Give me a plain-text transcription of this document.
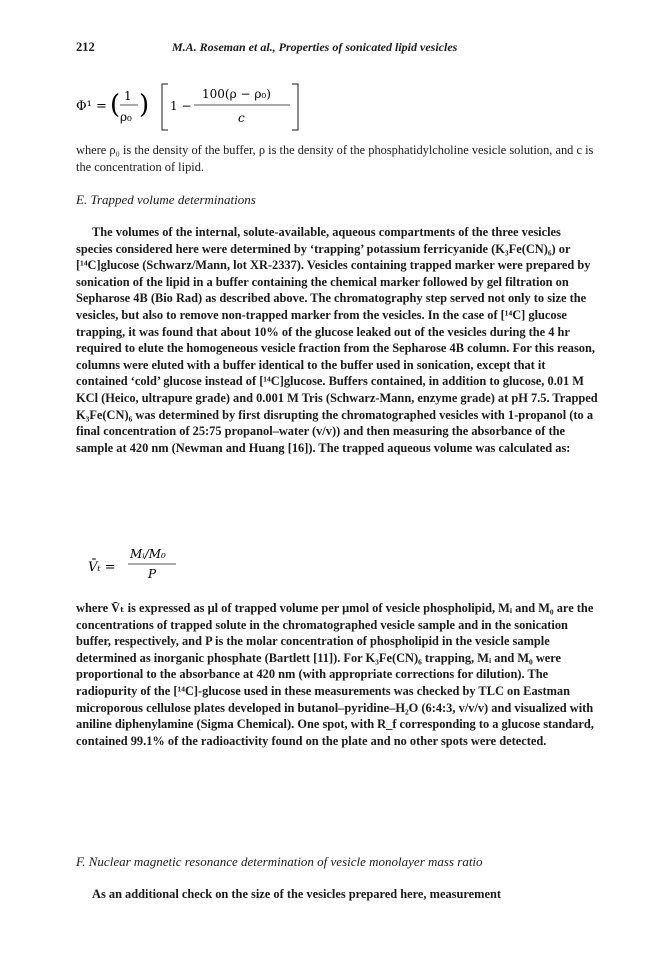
212	M.A. Roseman et al., Properties of sonicated lipid vesicles
Φ¹ = ( 1
ρ₀ ) 1 −
100(ρ − ρ₀)
c

where ρ₀ is the density of the buffer, ρ is the density of the phosphatidylcholine vesicle solution, and c is the concentration of lipid.

E. Trapped volume determinations

The volumes of the internal, solute-available, aqueous compartments of the three vesicles species considered here were determined by ‘trapping’ potassium ferricyanide (K₃Fe(CN)₆) or [¹⁴C]glucose (Schwarz/Mann, lot XR-2337). Vesicles containing trapped marker were prepared by sonication of the lipid in a buffer containing the chemical marker followed by gel filtration on Sepharose 4B (Bio Rad) as described above. The chromatography step served not only to size the vesicles, but also to remove non-trapped marker from the vesicles. In the case of [¹⁴C] glucose trapping, it was found that about 10% of the glucose leaked out of the vesicles during the 4 hr required to elute the homogeneous vesicle fraction from the Sepharose 4B column. For this reason, columns were eluted with a buffer identical to the buffer used in sonication, except that it contained ‘cold’ glucose instead of [¹⁴C]glucose. Buffers contained, in addition to glucose, 0.01 M KCl (Heico, ultrapure grade) and 0.001 M Tris (Schwarz-Mann, enzyme grade) at pH 7.5. Trapped K₃Fe(CN)₆ was determined by first disrupting the chromatographed vesicles with 1-propanol (to a final concentration of 25:75 propanol–water (v/v)) and then measuring the absorbance of the sample at 420 nm (Newman and Huang [16]). The trapped aqueous volume was calculated as:

V̄ₜ =
Mᵢ/M₀
P

where V̄ₜ is expressed as μl of trapped volume per μmol of vesicle phospholipid, Mᵢ and M₀ are the concentrations of trapped solute in the chromatographed vesicle sample and in the sonication buffer, respectively, and P is the molar concentration of phospholipid in the vesicle sample determined as inorganic phosphate (Bartlett [11]). For K₃Fe(CN)₆ trapping, Mᵢ and M₀ were proportional to the absorbance at 420 nm (with appropriate corrections for dilution). The radiopurity of the [¹⁴C]-glucose used in these measurements was checked by TLC on Eastman microporous cellulose plates developed in butanol–pyridine–H₂O (6:4:3, v/v/v) and visualized with aniline diphenylamine (Sigma Chemical). One spot, with R_f corresponding to a glucose standard, contained 99.1% of the radioactivity found on the plate and no other spots were detected.

F. Nuclear magnetic resonance determination of vesicle monolayer mass ratio

As an additional check on the size of the vesicles prepared here, measurement
